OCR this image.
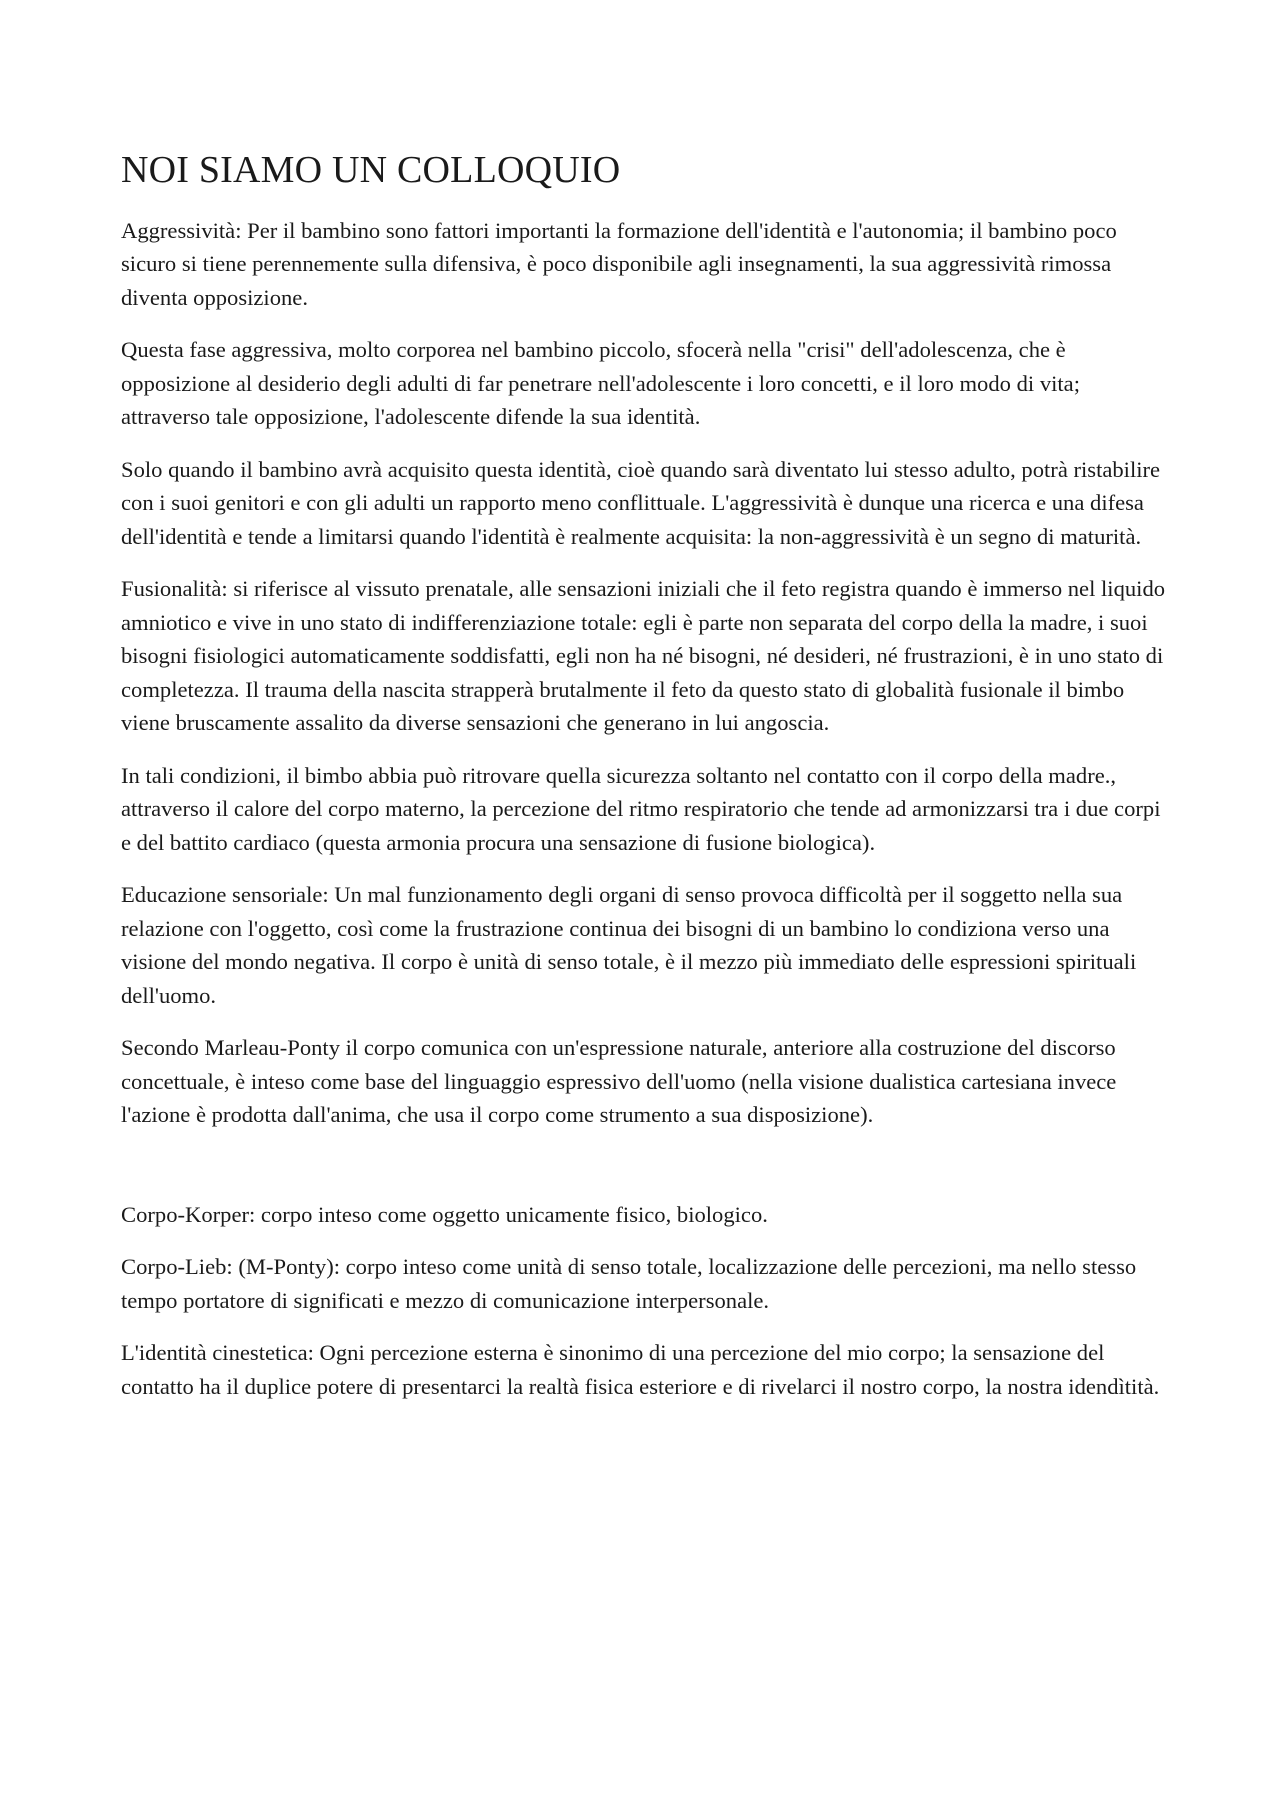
NOI SIAMO UN COLLOQUIO

Aggressività: Per il bambino sono fattori importanti la formazione dell'identità e l'autonomia; il bambino poco sicuro si tiene perennemente sulla difensiva, è poco disponibile agli insegnamenti, la sua aggressività rimossa diventa opposizione.

Questa fase aggressiva, molto corporea nel bambino piccolo, sfocerà nella "crisi" dell'adolescenza, che è opposizione al desiderio degli adulti di far penetrare nell'adolescente i loro concetti, e il loro modo di vita; attraverso tale opposizione, l'adolescente difende la sua identità.

Solo quando il bambino avrà acquisito questa identità, cioè quando sarà diventato lui stesso adulto, potrà ristabilire con i suoi genitori e con gli adulti un rapporto meno conflittuale. L'aggressività è dunque una ricerca e una difesa dell'identità e tende a limitarsi quando l'identità è realmente acquisita: la non-aggressività è un segno di maturità.

Fusionalità: si riferisce al vissuto prenatale, alle sensazioni iniziali che il feto registra quando è immerso nel liquido amniotico e vive in uno stato di indifferenziazione totale: egli è parte non separata del corpo della la madre, i suoi bisogni fisiologici automaticamente soddisfatti, egli non ha né bisogni, né desideri, né frustrazioni, è in uno stato di completezza. Il trauma della nascita strapperà brutalmente il feto da questo stato di globalità fusionale il bimbo viene bruscamente assalito da diverse sensazioni che generano in lui angoscia.

In tali condizioni, il bimbo abbia può ritrovare quella sicurezza soltanto nel contatto con il corpo della madre., attraverso il calore del corpo materno, la percezione del ritmo respiratorio che tende ad armonizzarsi tra i due corpi e del battito cardiaco (questa armonia procura una sensazione di fusione biologica).

Educazione sensoriale: Un mal funzionamento degli organi di senso provoca difficoltà per il soggetto nella sua relazione con l'oggetto, così come la frustrazione continua dei bisogni di un bambino lo condiziona verso una visione del mondo negativa. Il corpo è unità di senso totale, è il mezzo più immediato delle espressioni spirituali dell'uomo.

Secondo Marleau-Ponty il corpo comunica con un'espressione naturale, anteriore alla costruzione del discorso concettuale, è inteso come base del linguaggio espressivo dell'uomo (nella visione dualistica cartesiana invece l'azione è prodotta dall'anima, che usa il corpo come strumento a sua disposizione).

Corpo-Korper: corpo inteso come oggetto unicamente fisico, biologico.

Corpo-Lieb: (M-Ponty): corpo inteso come unità di senso totale, localizzazione delle percezioni, ma nello stesso tempo portatore di significati e mezzo di comunicazione interpersonale.

L'identità cinestetica: Ogni percezione esterna è sinonimo di una percezione del mio corpo; la sensazione del contatto ha il duplice potere di presentarci la realtà fisica esteriore e di rivelarci il nostro corpo, la nostra idendìtità.
